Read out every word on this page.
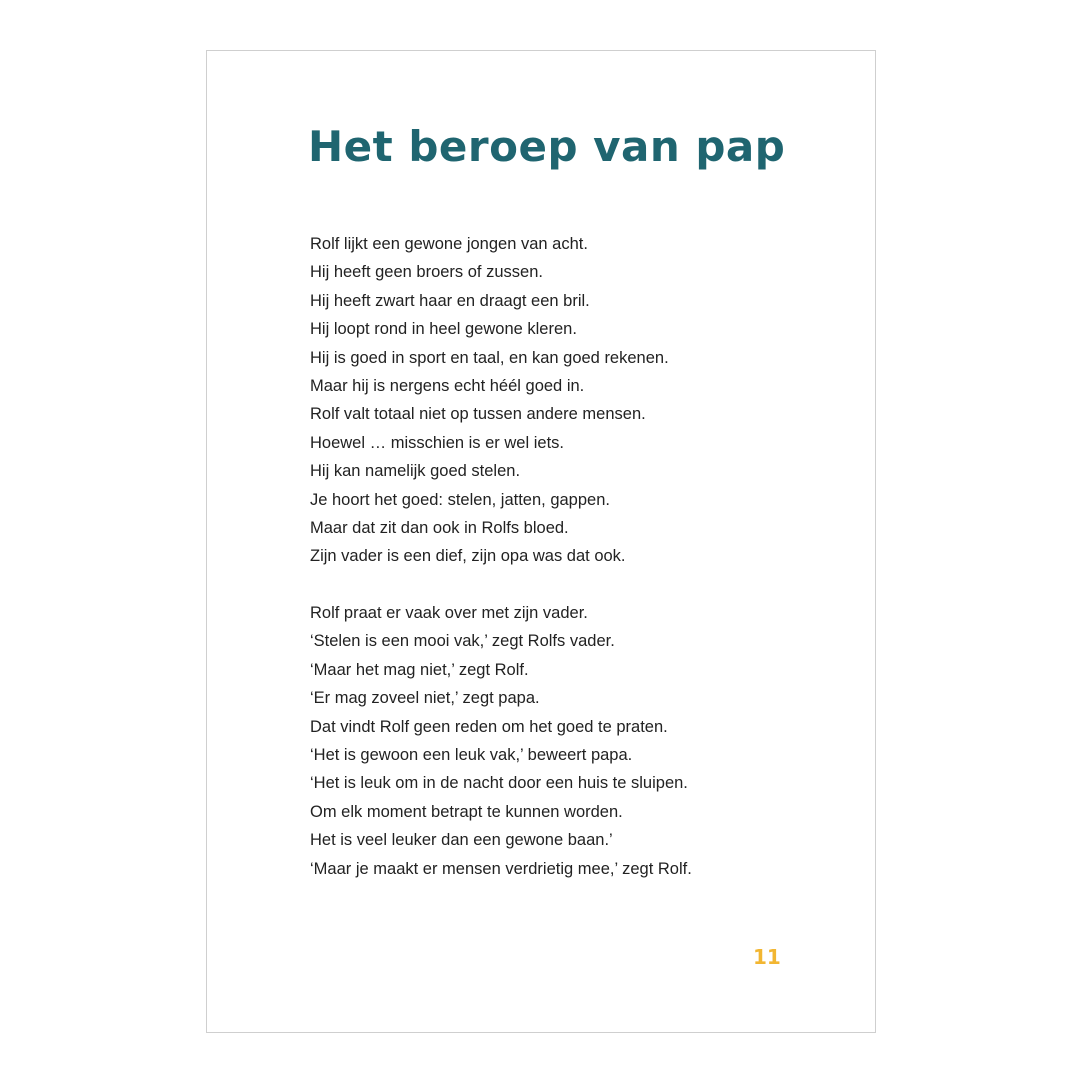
Het beroep van pap

Rolf lijkt een gewone jongen van acht.
Hij heeft geen broers of zussen.
Hij heeft zwart haar en draagt een bril.
Hij loopt rond in heel gewone kleren.
Hij is goed in sport en taal, en kan goed rekenen.
Maar hij is nergens echt héél goed in.
Rolf valt totaal niet op tussen andere mensen.
Hoewel … misschien is er wel iets.
Hij kan namelijk goed stelen.
Je hoort het goed: stelen, jatten, gappen.
Maar dat zit dan ook in Rolfs bloed.
Zijn vader is een dief, zijn opa was dat ook.

Rolf praat er vaak over met zijn vader.
‘Stelen is een mooi vak,’ zegt Rolfs vader.
‘Maar het mag niet,’ zegt Rolf.
‘Er mag zoveel niet,’ zegt papa.
Dat vindt Rolf geen reden om het goed te praten.
‘Het is gewoon een leuk vak,’ beweert papa.
‘Het is leuk om in de nacht door een huis te sluipen.
Om elk moment betrapt te kunnen worden.
Het is veel leuker dan een gewone baan.’
‘Maar je maakt er mensen verdrietig mee,’ zegt Rolf.

11
